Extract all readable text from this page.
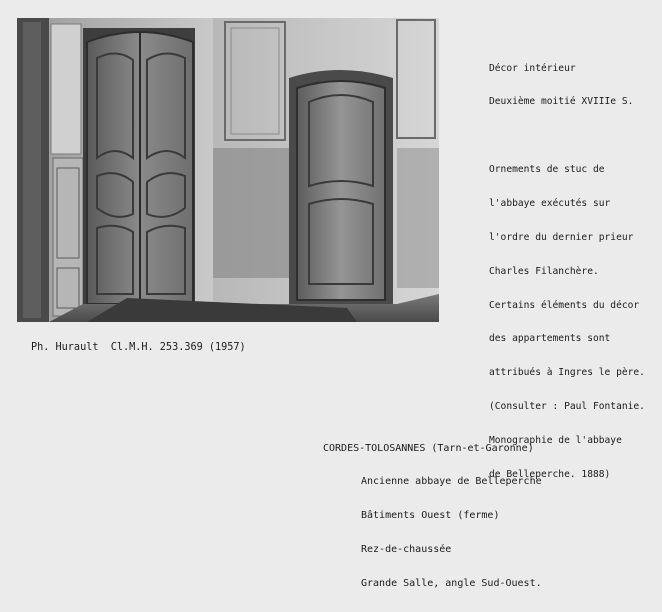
Décor intérieur

Deuxième moitié XVIIIe S.

Ornements de stuc de

l'abbaye exécutés sur

l'ordre du dernier prieur

Charles Filanchère.

Certains éléments du décor

des appartements sont

attribués à Ingres le père.

(Consulter : Paul Fontanie.

Monographie de l'abbaye

de Belleperche. 1888)

Ph. Hurault  Cl.M.H. 253.369 (1957)

CORDES-TOLOSANNES (Tarn-et-Garonne)

Ancienne abbaye de Belleperche

Bâtiments Ouest (ferme)

Rez-de-chaussée

Grande Salle, angle Sud-Ouest.
